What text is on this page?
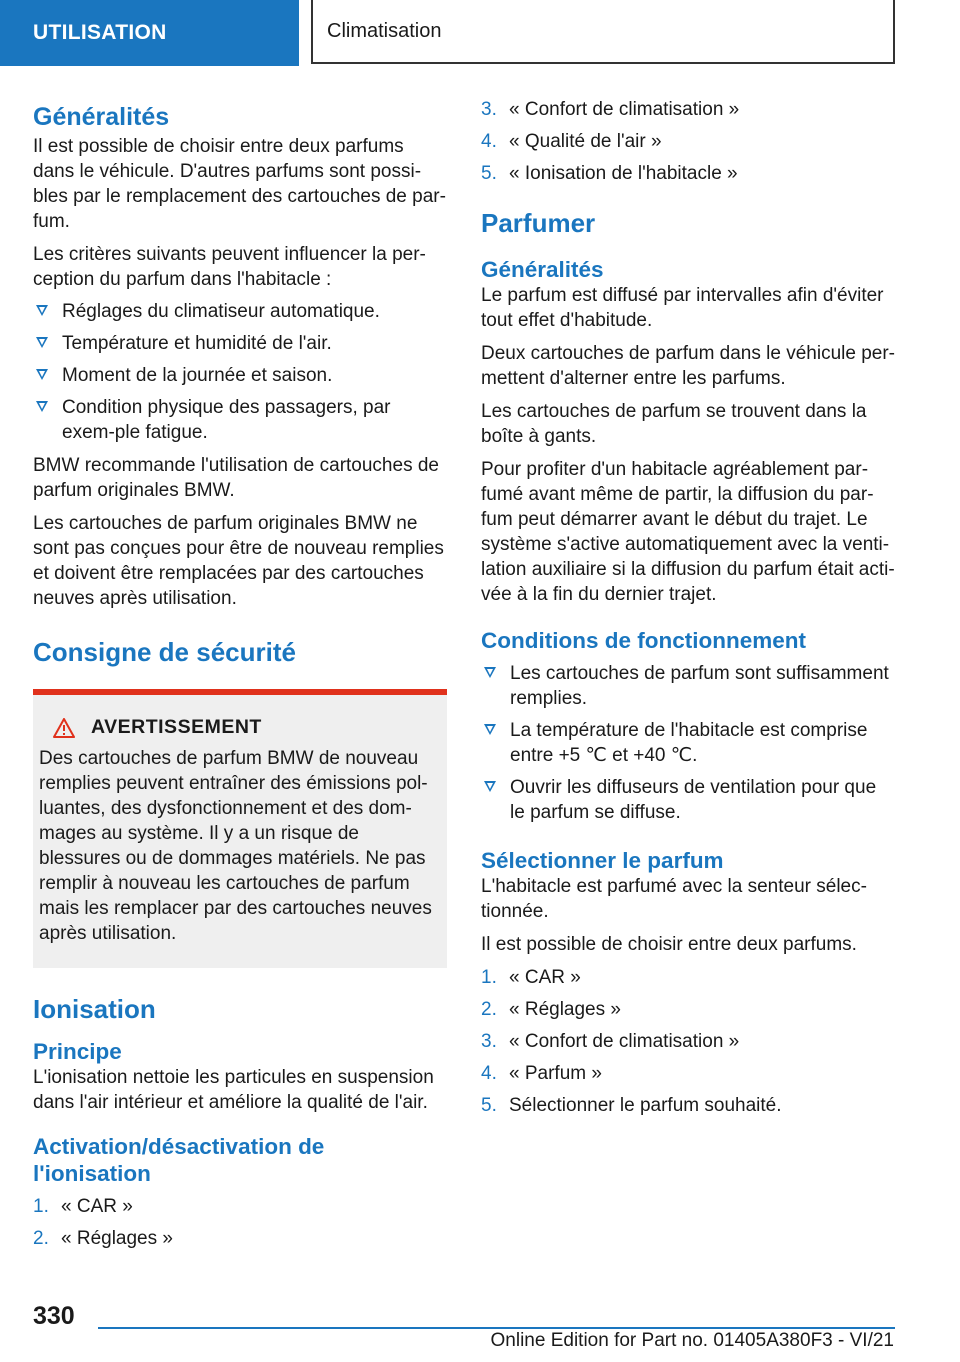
UTILISATION	Climatisation
Généralités

Il est possible de choisir entre deux parfums dans le véhicule. D'autres parfums sont possi-bles par le remplacement des cartouches de par-fum.

Les critères suivants peuvent influencer la per-ception du parfum dans l'habitacle :

Réglages du climatiseur automatique.
Température et humidité de l'air.
Moment de la journée et saison.
Condition physique des passagers, par exem-ple fatigue.

BMW recommande l'utilisation de cartouches de parfum originales BMW.

Les cartouches de parfum originales BMW ne sont pas conçues pour être de nouveau remplies et doivent être remplacées par des cartouches neuves après utilisation.

Consigne de sécurité
AVERTISSEMENT

Des cartouches de parfum BMW de nouveau remplies peuvent entraîner des émissions pol-luantes, des dysfonctionnement et des dom-mages au système. Il y a un risque de blessures ou de dommages matériels. Ne pas remplir à nouveau les cartouches de parfum mais les remplacer par des cartouches neuves après utilisation.

Ionisation
Principe

L'ionisation nettoie les particules en suspension dans l'air intérieur et améliore la qualité de l'air.

Activation/désactivation de l'ionisation
1. « CAR »
2. « Réglages »
3. « Confort de climatisation »
4. « Qualité de l'air »
5. « Ionisation de l'habitacle »
Parfumer
Généralités

Le parfum est diffusé par intervalles afin d'éviter tout effet d'habitude.

Deux cartouches de parfum dans le véhicule per-mettent d'alterner entre les parfums.

Les cartouches de parfum se trouvent dans la boîte à gants.

Pour profiter d'un habitacle agréablement par-fumé avant même de partir, la diffusion du par-fum peut démarrer avant le début du trajet. Le système s'active automatiquement avec la venti-lation auxiliaire si la diffusion du parfum était acti-vée à la fin du dernier trajet.

Conditions de fonctionnement
Les cartouches de parfum sont suffisamment remplies.
La température de l'habitacle est comprise entre +5 ℃ et +40 ℃.
Ouvrir les diffuseurs de ventilation pour que le parfum se diffuse.
Sélectionner le parfum

L'habitacle est parfumé avec la senteur sélec-tionnée.

Il est possible de choisir entre deux parfums.

1. « CAR »
2. « Réglages »
3. « Confort de climatisation »
4. « Parfum »
5. Sélectionner le parfum souhaité.
330
Online Edition for Part no. 01405A380F3 - VI/21
